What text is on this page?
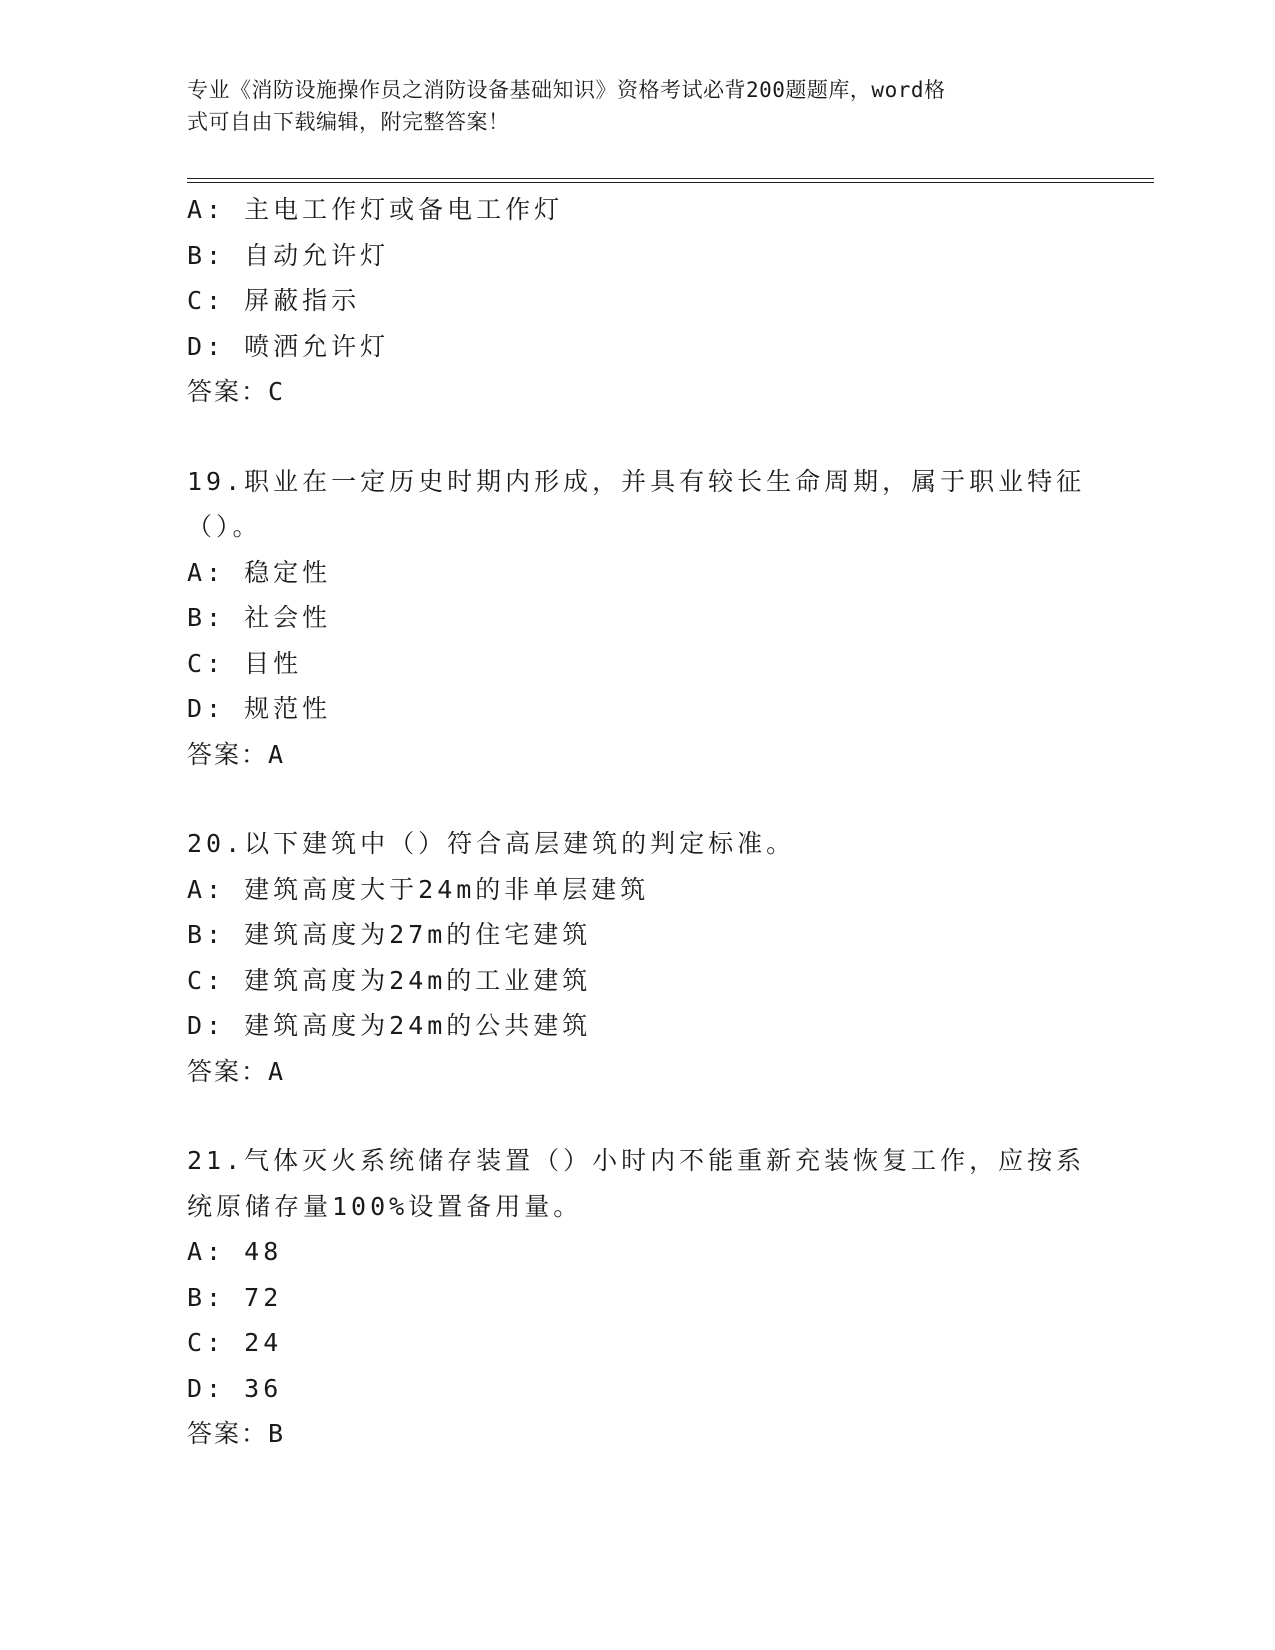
专业《消防设施操作员之消防设备基础知识》资格考试必背200题题库，word格
式可自由下载编辑，附完整答案！
A: 主电工作灯或备电工作灯
B: 自动允许灯
C: 屏蔽指示
D: 喷洒允许灯
答案：C
19.职业在一定历史时期内形成，并具有较长生命周期，属于职业特征
（）。
A: 稳定性
B: 社会性
C: 目性
D: 规范性
答案：A
20.以下建筑中（）符合高层建筑的判定标准。
A: 建筑高度大于24m的非单层建筑
B: 建筑高度为27m的住宅建筑
C: 建筑高度为24m的工业建筑
D: 建筑高度为24m的公共建筑
答案：A
21.气体灭火系统储存装置（）小时内不能重新充装恢复工作，应按系
统原储存量100%设置备用量。
A: 48
B: 72
C: 24
D: 36
答案：B
